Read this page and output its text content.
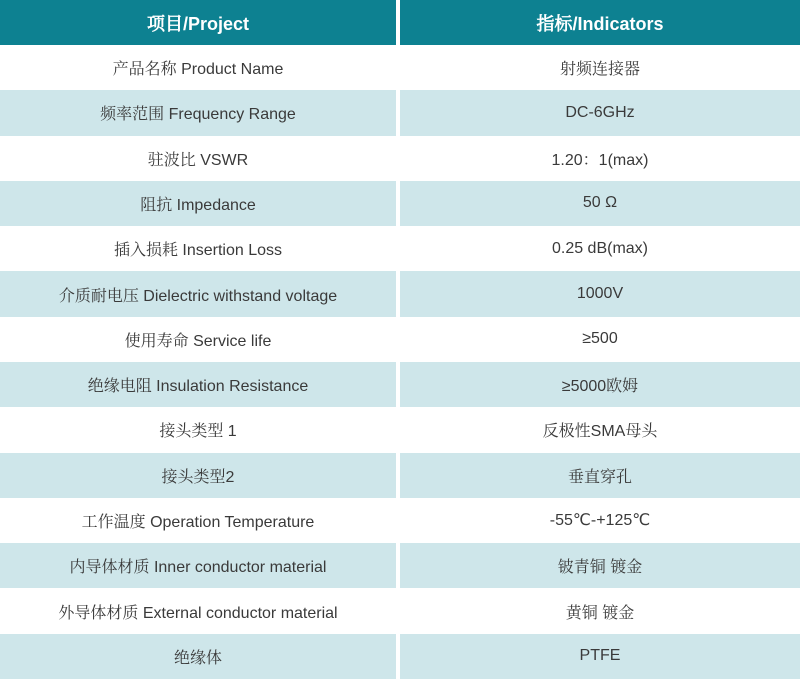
项目/Project	指标/Indicators
产品名称 Product Name	射频连接器
频率范围 Frequency Range	DC-6GHz
驻波比 VSWR	1.20：1(max)
阻抗 Impedance	50 Ω
插入损耗 Insertion Loss	0.25 dB(max)
介质耐电压 Dielectric withstand voltage	1000V
使用寿命 Service life	≥500
绝缘电阻 Insulation Resistance	≥5000欧姆
接头类型 1	反极性SMA母头
接头类型2	垂直穿孔
工作温度 Operation Temperature	-55℃-+125℃
内导体材质 Inner conductor material	铍青铜 镀金
外导体材质 External conductor material	黄铜 镀金
绝缘体	PTFE
